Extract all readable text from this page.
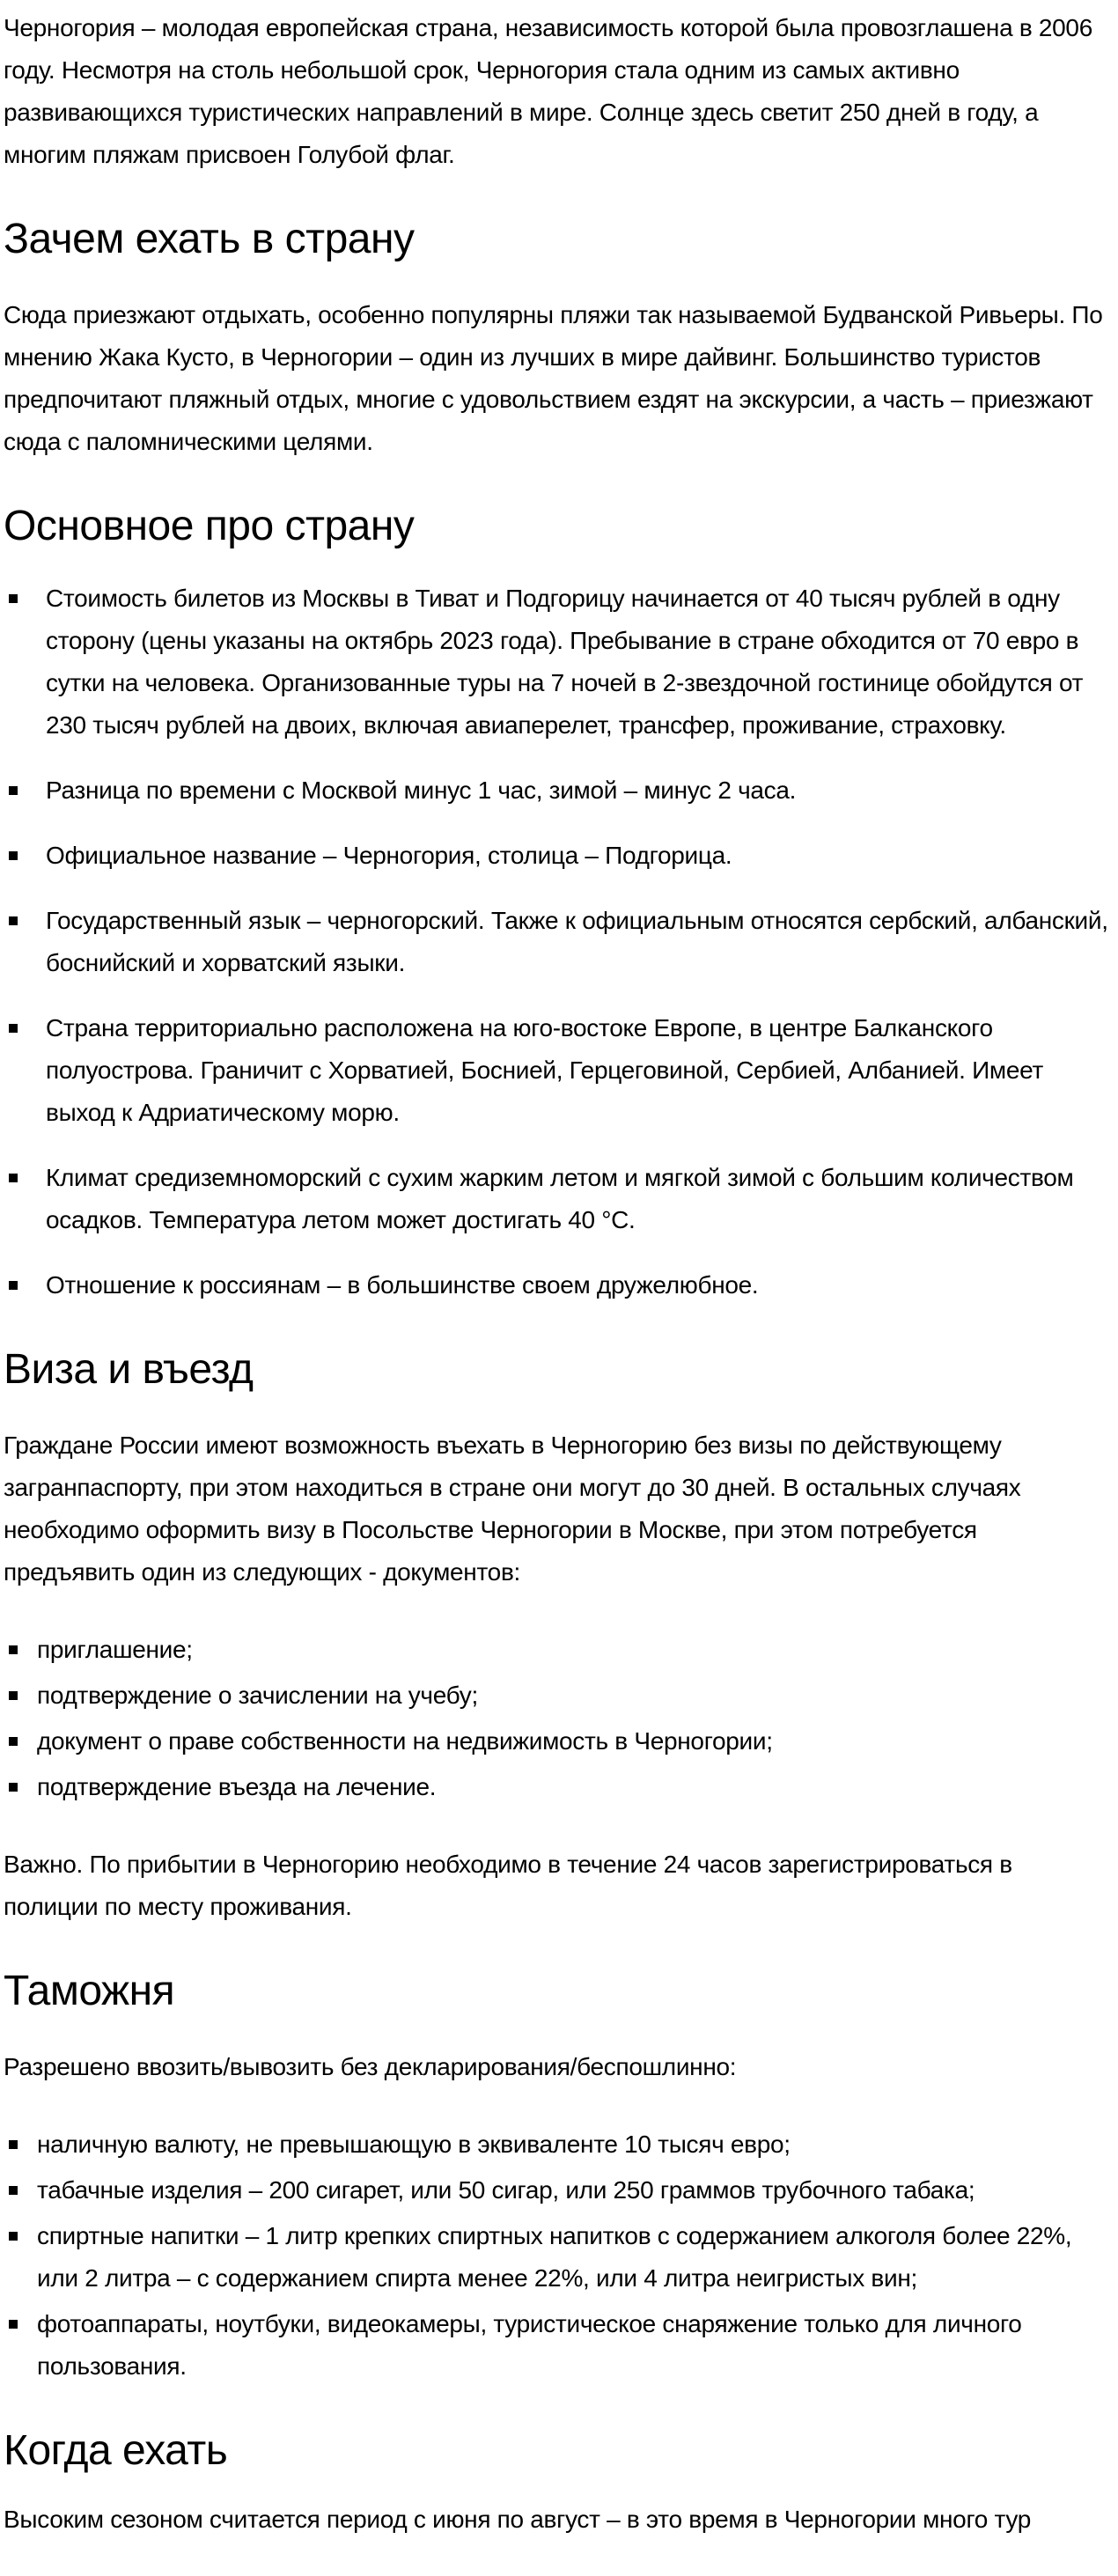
Черногория – молодая европейская страна, независимость которой была провозглашена в 2006 году. Несмотря на столь небольшой срок, Черногория стала одним из самых активно развивающихся туристических направлений в мире. Солнце здесь светит 250 дней в году, а многим пляжам присвоен Голубой флаг.

Зачем ехать в страну

Сюда приезжают отдыхать, особенно популярны пляжи так называемой Будванской Ривьеры. По мнению Жака Кусто, в Черногории – один из лучших в мире дайвинг. Большинство туристов предпочитают пляжный отдых, многие с удовольствием ездят на экскурсии, а часть – приезжают сюда с паломническими целями.

Основное про страну
Стоимость билетов из Москвы в Тиват и Подгорицу начинается от 40 тысяч рублей в одну сторону (цены указаны на октябрь 2023 года). Пребывание в стране обходится от 70 евро в сутки на человека. Организованные туры на 7 ночей в 2-звездочной гостинице обойдутся от 230 тысяч рублей на двоих, включая авиаперелет, трансфер, проживание, страховку.
Разница по времени с Москвой минус 1 час, зимой – минус 2 часа.
Официальное название – Черногория, столица – Подгорица.
Государственный язык – черногорский. Также к официальным относятся сербский, албанский, боснийский и хорватский языки.
Страна территориально расположена на юго-востоке Европе, в центре Балканского полуострова. Граничит с Хорватией, Боснией, Герцеговиной, Сербией, Албанией. Имеет выход к Адриатическому морю.
Климат средиземноморский с сухим жарким летом и мягкой зимой с большим количеством осадков. Температура летом может достигать 40 °C.
Отношение к россиянам – в большинстве своем дружелюбное.
Виза и въезд

Граждане России имеют возможность въехать в Черногорию без визы по действующему загранпаспорту, при этом находиться в стране они могут до 30 дней. В остальных случаях необходимо оформить визу в Посольстве Черногории в Москве, при этом потребуется предъявить один из следующих - документов:

приглашение;
подтверждение о зачислении на учебу;
документ о праве собственности на недвижимость в Черногории;
подтверждение въезда на лечение.

Важно. По прибытии в Черногорию необходимо в течение 24 часов зарегистрироваться в полиции по месту проживания.

Таможня

Разрешено ввозить/вывозить без декларирования/беспошлинно:

наличную валюту, не превышающую в эквиваленте 10 тысяч евро;
табачные изделия – 200 сигарет, или 50 сигар, или 250 граммов трубочного табака;
спиртные напитки – 1 литр крепких спиртных напитков с содержанием алкоголя более 22%, или 2 литра – с содержанием спирта менее 22%, или 4 литра неигристых вин;
фотоаппараты, ноутбуки, видеокамеры, туристическое снаряжение только для личного пользования.
Когда ехать

Высоким сезоном считается период с июня по август – в это время в Черногории много тур
